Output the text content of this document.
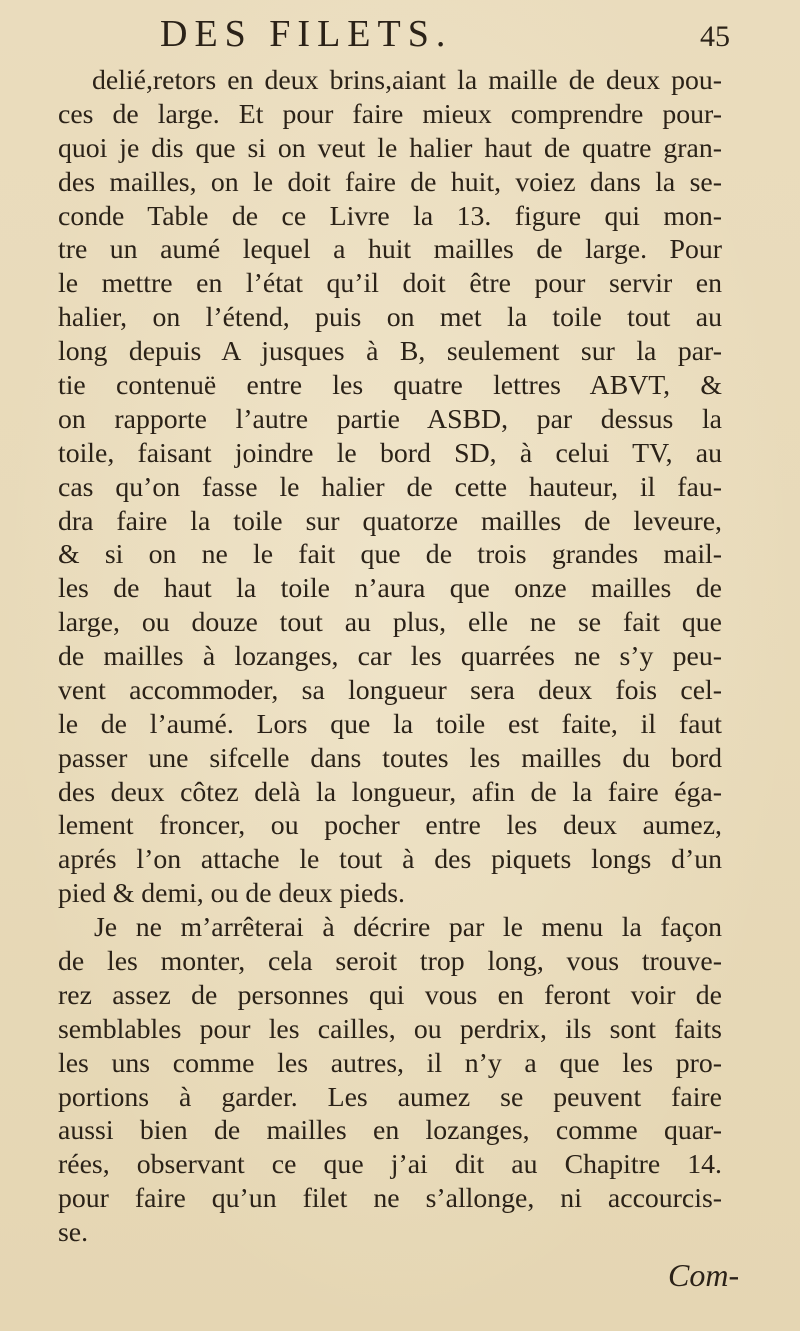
DES FILETS.	45
delié,retors en deux brins,aiant la maille de deux pou-
ces de large. Et pour faire mieux comprendre pour-
quoi je dis que si on veut le halier haut de quatre gran-
des mailles, on le doit faire de huit, voiez dans la se-
conde Table de ce Livre la 13. figure qui mon-
tre un aumé lequel a huit mailles de large. Pour
le mettre en l’état qu’il doit être pour servir en
halier, on l’étend, puis on met la toile tout au
long depuis A jusques à B, seulement sur la par-
tie contenuë entre les quatre lettres ABVT, &
on rapporte l’autre partie ASBD, par dessus la
toile, faisant joindre le bord SD, à celui TV, au
cas qu’on fasse le halier de cette hauteur, il fau-
dra faire la toile sur quatorze mailles de leveure,
& si on ne le fait que de trois grandes mail-
les de haut la toile n’aura que onze mailles de
large, ou douze tout au plus, elle ne se fait que
de mailles à lozanges, car les quarrées ne s’y peu-
vent accommoder, sa longueur sera deux fois cel-
le de l’aumé. Lors que la toile est faite, il faut
passer une sifcelle dans toutes les mailles du bord
des deux côtez delà la longueur, afin de la faire éga-
lement froncer, ou pocher entre les deux aumez,
aprés l’on attache le tout à des piquets longs d’un
pied & demi, ou de deux pieds.
Je ne m’arrêterai à décrire par le menu la façon
de les monter, cela seroit trop long, vous trouve-
rez assez de personnes qui vous en feront voir de
semblables pour les cailles, ou perdrix, ils sont faits
les uns comme les autres, il n’y a que les pro-
portions à garder. Les aumez se peuvent faire
aussi bien de mailles en lozanges, comme quar-
rées, observant ce que j’ai dit au Chapitre 14.
pour faire qu’un filet ne s’allonge, ni accourcis-
se.
Com-
